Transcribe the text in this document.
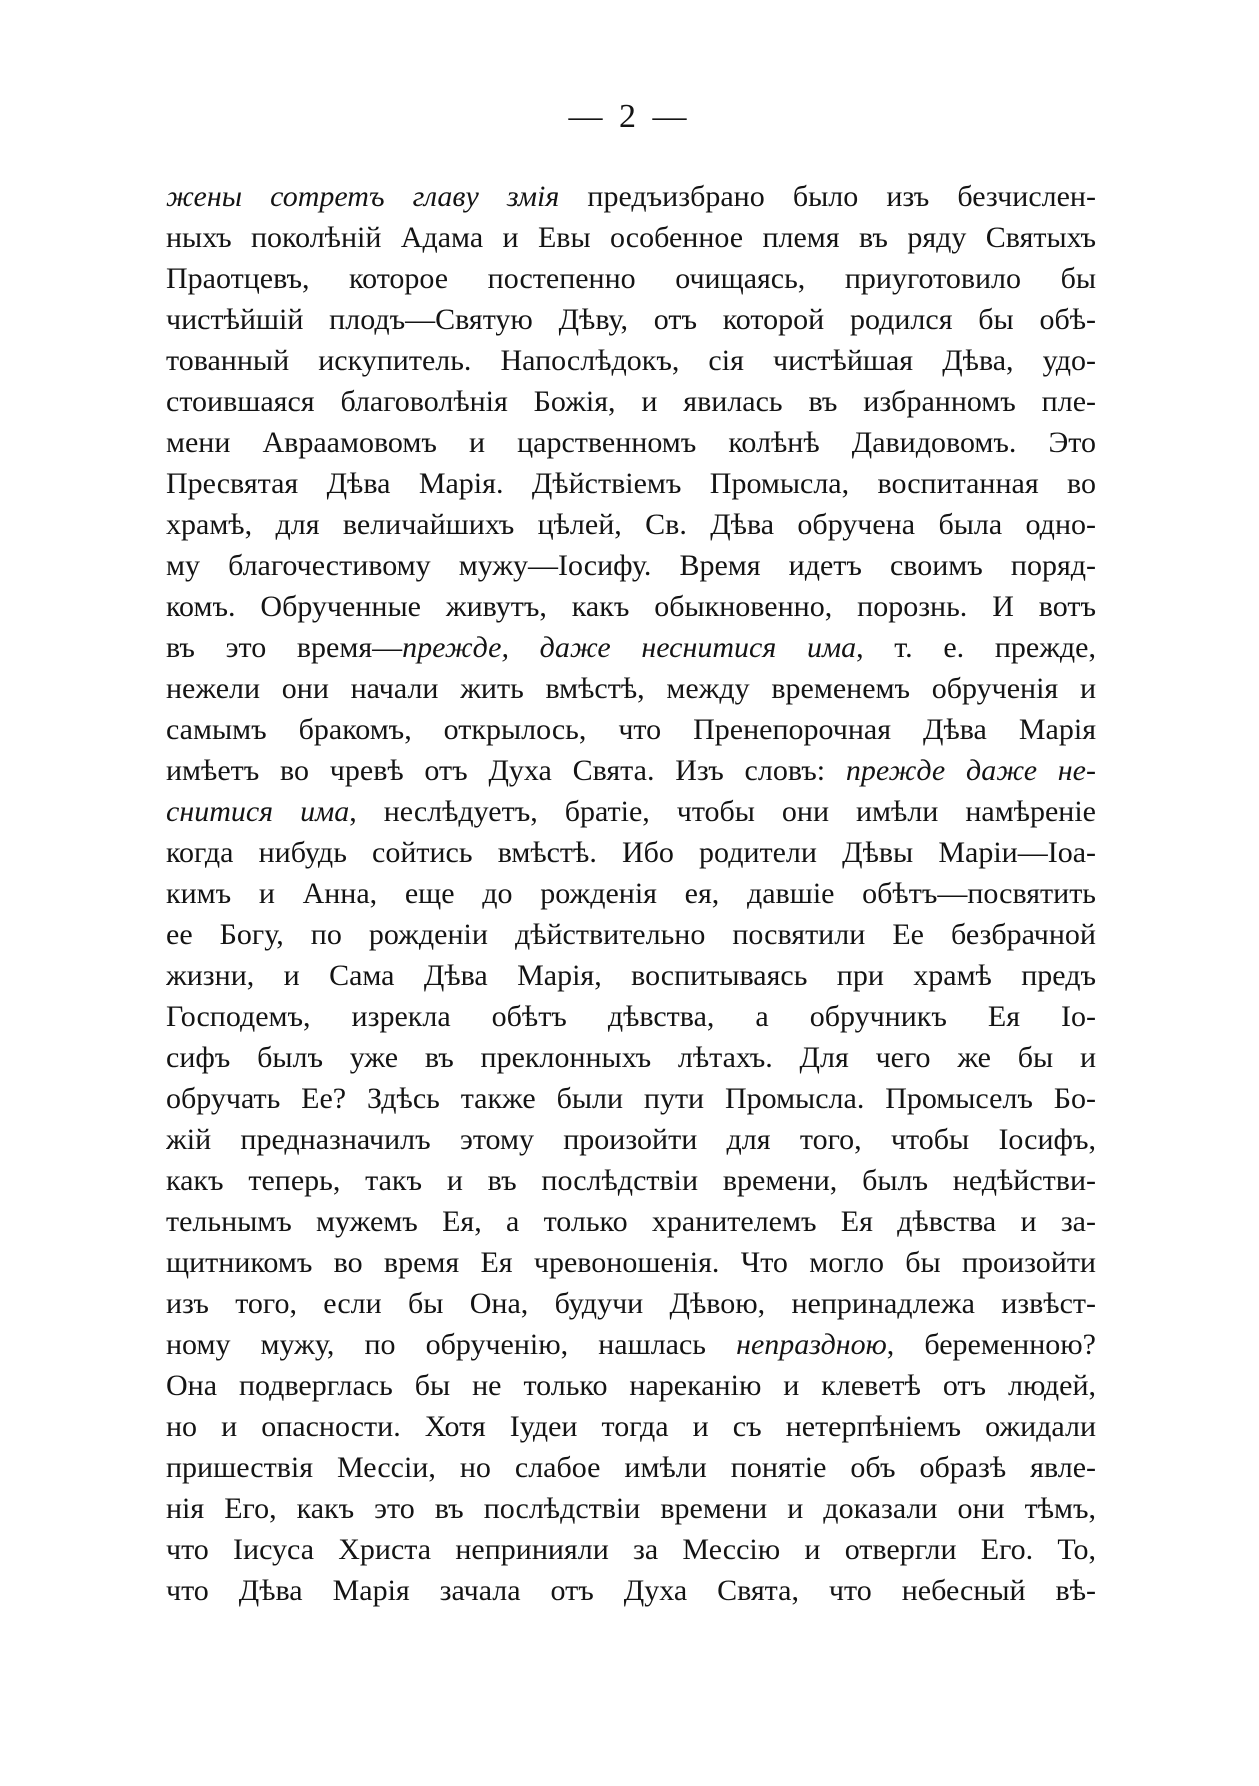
— 2 —
жены сотретъ главу змія предъизбрано было изъ безчислен-
ныхъ поколѣній Адама и Евы особенное племя въ ряду Святыхъ
Праотцевъ, которое постепенно очищаясь, приуготовило бы
чистѣйшій плодъ—Святую Дѣву, отъ которой родился бы обѣ-
тованный искупитель. Напослѣдокъ, сія чистѣйшая Дѣва, удо-
стоившаяся благоволѣнія Божія, и явилась въ избранномъ пле-
мени Авраамовомъ и царственномъ колѣнѣ Давидовомъ. Это
Пресвятая Дѣва Марія. Дѣйствіемъ Промысла, воспитанная во
храмѣ, для величайшихъ цѣлей, Св. Дѣва обручена была одно-
му благочестивому мужу—Іосифу. Время идетъ своимъ поряд-
комъ. Обрученные живутъ, какъ обыкновенно, порознь. И вотъ
въ это время—прежде, даже неснитися има, т. е. прежде,
нежели они начали жить вмѣстѣ, между временемъ обрученія и
самымъ бракомъ, открылось, что Пренепорочная Дѣва Марія
имѣетъ во чревѣ отъ Духа Свята. Изъ словъ: прежде даже не-
снитися има, неслѣдуетъ, братіе, чтобы они имѣли намѣреніе
когда нибудь сойтись вмѣстѣ. Ибо родители Дѣвы Маріи—Іоа-
кимъ и Анна, еще до рожденія ея, давшіе обѣтъ—посвятить
ее Богу, по рожденіи дѣйствительно посвятили Ее безбрачной
жизни, и Сама Дѣва Марія, воспитываясь при храмѣ предъ
Господемъ, изрекла обѣтъ дѣвства, а обручникъ Ея Іо-
сифъ былъ уже въ преклонныхъ лѣтахъ. Для чего же бы и
обручать Ее? Здѣсь также были пути Промысла. Промыселъ Бо-
жій предназначилъ этому произойти для того, чтобы Іосифъ,
какъ теперь, такъ и въ послѣдствіи времени, былъ недѣйстви-
тельнымъ мужемъ Ея, а только хранителемъ Ея дѣвства и за-
щитникомъ во время Ея чревоношенія. Что могло бы произойти
изъ того, если бы Она, будучи Дѣвою, непринадлежа извѣст-
ному мужу, по обрученію, нашлась непраздною, беременною?
Она подверглась бы не только нареканію и клеветѣ отъ людей,
но и опасности. Хотя Іудеи тогда и съ нетерпѣніемъ ожидали
пришествія Мессіи, но слабое имѣли понятіе объ образѣ явле-
нія Его, какъ это въ послѣдствіи времени и доказали они тѣмъ,
что Іисуса Христа непринияли за Мессію и отвергли Его. То,
что Дѣва Марія зачала отъ Духа Свята, что небесный вѣ-
